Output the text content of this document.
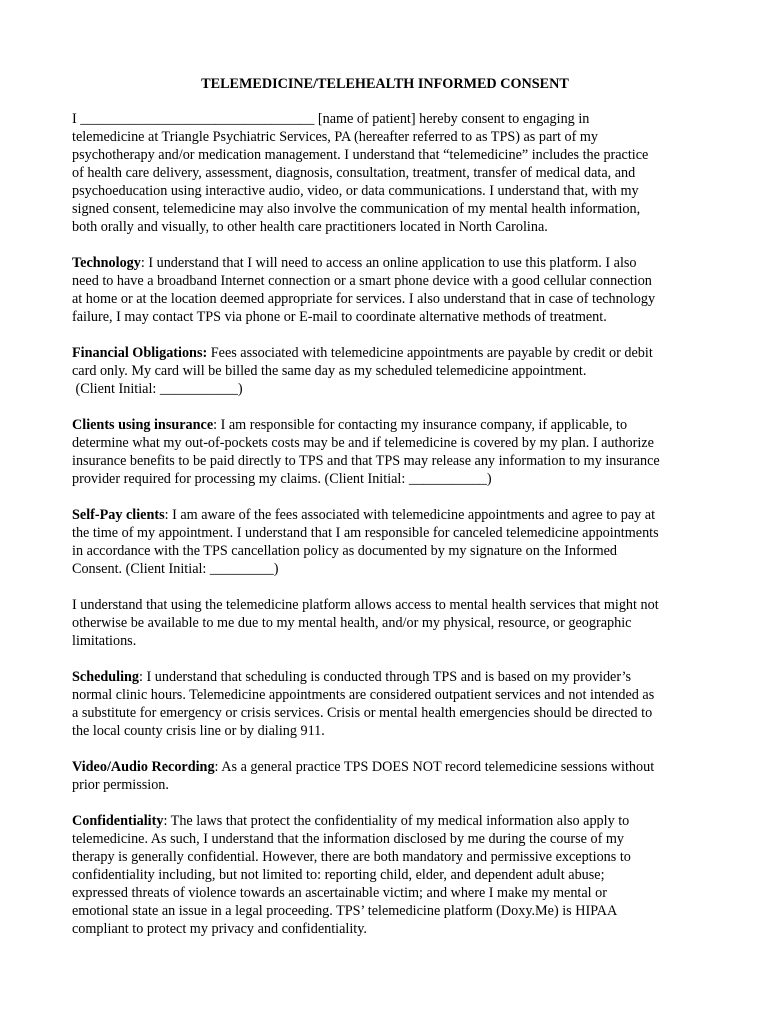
TELEMEDICINE/TELEHEALTH INFORMED CONSENT

I _________________________________ [name of patient] hereby consent to engaging in
telemedicine at Triangle Psychiatric Services, PA (hereafter referred to as TPS) as part of my
psychotherapy and/or medication management. I understand that “telemedicine” includes the practice
of health care delivery, assessment, diagnosis, consultation, treatment, transfer of medical data, and
psychoeducation using interactive audio, video, or data communications. I understand that, with my
signed consent, telemedicine may also involve the communication of my mental health information,
both orally and visually, to other health care practitioners located in North Carolina.

Technology: I understand that I will need to access an online application to use this platform. I also
need to have a broadband Internet connection or a smart phone device with a good cellular connection
at home or at the location deemed appropriate for services. I also understand that in case of technology
failure, I may contact TPS via phone or E-mail to coordinate alternative methods of treatment.

Financial Obligations: Fees associated with telemedicine appointments are payable by credit or debit
card only. My card will be billed the same day as my scheduled telemedicine appointment.
(Client Initial: ___________)

Clients using insurance: I am responsible for contacting my insurance company, if applicable, to
determine what my out-of-pockets costs may be and if telemedicine is covered by my plan. I authorize
insurance benefits to be paid directly to TPS and that TPS may release any information to my insurance
provider required for processing my claims. (Client Initial: ___________)

Self-Pay clients: I am aware of the fees associated with telemedicine appointments and agree to pay at
the time of my appointment. I understand that I am responsible for canceled telemedicine appointments
in accordance with the TPS cancellation policy as documented by my signature on the Informed
Consent. (Client Initial: _________)

I understand that using the telemedicine platform allows access to mental health services that might not
otherwise be available to me due to my mental health, and/or my physical, resource, or geographic
limitations.

Scheduling: I understand that scheduling is conducted through TPS and is based on my provider’s
normal clinic hours. Telemedicine appointments are considered outpatient services and not intended as
a substitute for emergency or crisis services. Crisis or mental health emergencies should be directed to
the local county crisis line or by dialing 911.

Video/Audio Recording: As a general practice TPS DOES NOT record telemedicine sessions without
prior permission.

Confidentiality: The laws that protect the confidentiality of my medical information also apply to
telemedicine. As such, I understand that the information disclosed by me during the course of my
therapy is generally confidential. However, there are both mandatory and permissive exceptions to
confidentiality including, but not limited to: reporting child, elder, and dependent adult abuse;
expressed threats of violence towards an ascertainable victim; and where I make my mental or
emotional state an issue in a legal proceeding. TPS’ telemedicine platform (Doxy.Me) is HIPAA
compliant to protect my privacy and confidentiality.
